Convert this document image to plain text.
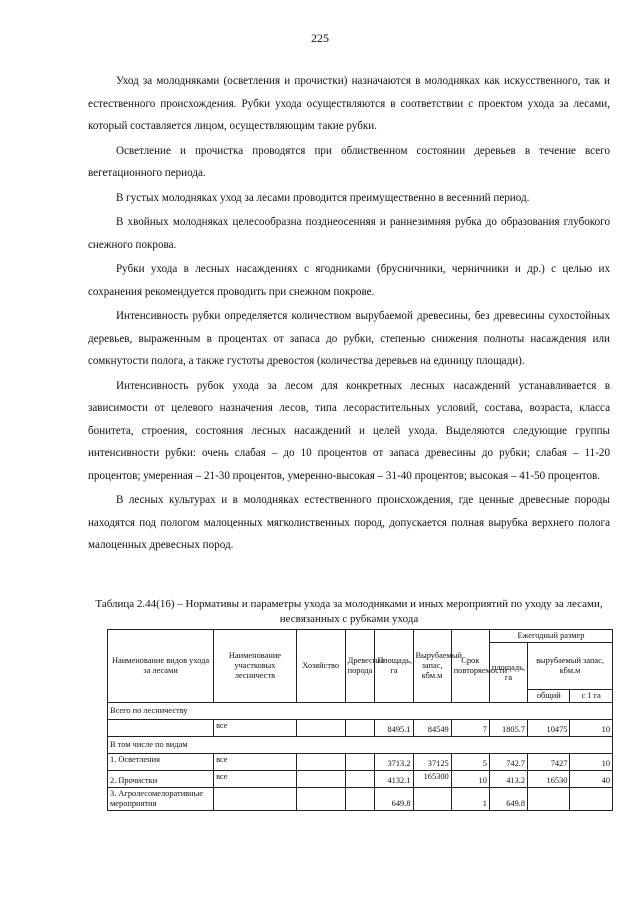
225

Уход за молодняками (осветления и прочистки) назначаются в молодняках как искусственного, так и естественного происхождения. Рубки ухода осуществляются в соответствии с проектом ухода за лесами, который составляется лицом, осуществляющим такие рубки.

Осветление и прочистка проводятся при облиственном состоянии деревьев в течение всего вегетационного периода.

В густых молодняках уход за лесами проводится преимущественно в весенний период.

В хвойных молодняках целесообразна позднеосенняя и раннезимняя рубка до образования глубокого снежного покрова.

Рубки ухода в лесных насаждениях с ягодниками (брусничники, черничники и др.) с целью их сохранения рекомендуется проводить при снежном покрове.

Интенсивность рубки определяется количеством вырубаемой древесины, без древесины сухостойных деревьев, выраженным в процентах от запаса до рубки, степенью снижения полноты насаждения или сомкнутости полога, а также густоты древостоя (количества деревьев на единицу площади).

Интенсивность рубок ухода за лесом для конкретных лесных насаждений устанавливается в зависимости от целевого назначения лесов, типа лесорастительных условий, состава, возраста, класса бонитета, строения, состояния лесных насаждений и целей ухода. Выделяются следующие группы интенсивности рубки: очень слабая – до 10 процентов от запаса древесины до рубки; слабая – 11-20 процентов; умеренная – 21-30 процентов, умеренно-высокая – 31-40 процентов; высокая – 41-50 процентов.

В лесных культурах и в молодняках естественного происхождения, где ценные древесные породы находятся под пологом малоценных мягколиственных пород, допускается полная вырубка верхнего полога малоценных древесных пород.

Таблица 2.44(16) – Нормативы и параметры ухода за молодняками и иных мероприятий по уходу за лесами, несвязанных с рубками ухода

Наименование видов ухода за лесами	Наименование участковых лесничеств	Хозяйство	Древесная порода	Площадь, га	Вырубаемый запас, кбм.м	Срок повторяемости	Ежегодный размер		
							площадь, га	вырубаемый запас, кбм.м	
								общий	с 1 га
Всего по лесничеству									
	все			8495.1	84549	7	1805.7	10475	10
В том числе по видам									
1. Осветления	все			3713.2	37125	5	742.7	7427	10
2. Прочистки	все			4132.1	165300	10	413.2	16530	40
3. Агролесомелоративные мероприятия				649.8		1	649.8		
